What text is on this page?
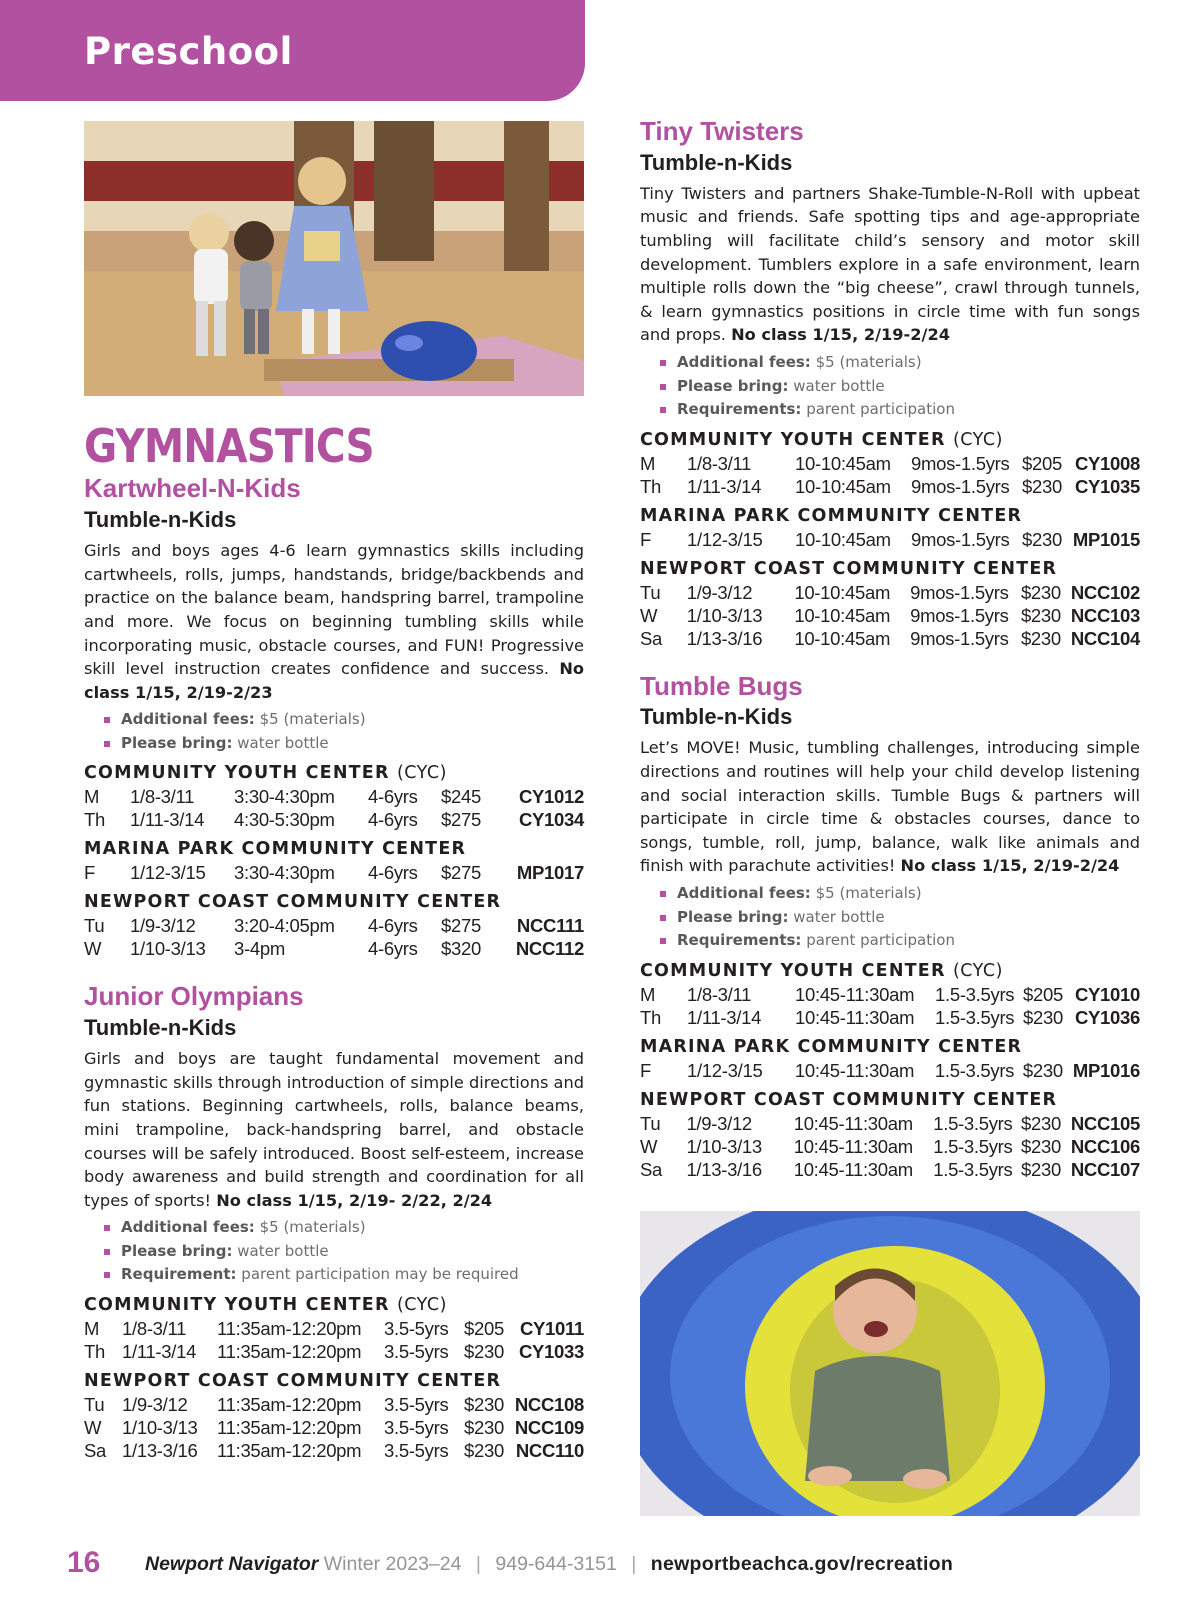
Preschool
GYMNASTICS
Kartwheel-N-Kids
Tumble-n-Kids

Girls and boys ages 4-6 learn gymnastics skills including cartwheels, rolls, jumps, handstands, bridge/backbends and practice on the balance beam, handspring barrel, trampoline and more. We focus on beginning tumbling skills while incorporating music, obstacle courses, and FUN! Progressive skill level instruction creates confidence and success. No class 1/15, 2/19-2/23

Additional fees: $5 (materials)
Please bring: water bottle
COMMUNITY YOUTH CENTER (CYC)
M	1/8-3/11	3:30-4:30pm	4-6yrs	$245	CY1012
Th	1/11-3/14	4:30-5:30pm	4-6yrs	$275	CY1034
MARINA PARK COMMUNITY CENTER
F	1/12-3/15	3:30-4:30pm	4-6yrs	$275	MP1017
NEWPORT COAST COMMUNITY CENTER
Tu	1/9-3/12	3:20-4:05pm	4-6yrs	$275	NCC111
W	1/10-3/13	3-4pm	4-6yrs	$320	NCC112
Junior Olympians
Tumble-n-Kids

Girls and boys are taught fundamental movement and gymnastic skills through introduction of simple directions and fun stations. Beginning cartwheels, rolls, balance beams, mini trampoline, back-handspring barrel, and obstacle courses will be safely introduced. Boost self-esteem, increase body awareness and build strength and coordination for all types of sports! No class 1/15, 2/19- 2/22, 2/24

Additional fees: $5 (materials)
Please bring: water bottle
Requirement: parent participation may be required
COMMUNITY YOUTH CENTER (CYC)
M	1/8-3/11	11:35am-12:20pm	3.5-5yrs	$205	CY1011
Th	1/11-3/14	11:35am-12:20pm	3.5-5yrs	$230	CY1033
NEWPORT COAST COMMUNITY CENTER
Tu	1/9-3/12	11:35am-12:20pm	3.5-5yrs	$230	NCC108
W	1/10-3/13	11:35am-12:20pm	3.5-5yrs	$230	NCC109
Sa	1/13-3/16	11:35am-12:20pm	3.5-5yrs	$230	NCC110
Tiny Twisters
Tumble-n-Kids

Tiny Twisters and partners Shake-Tumble-N-Roll with upbeat music and friends. Safe spotting tips and age-appropriate tumbling will facilitate child’s sensory and motor skill development. Tumblers explore in a safe environment, learn multiple rolls down the “big cheese”, crawl through tunnels, & learn gymnastics positions in circle time with fun songs and props. No class 1/15, 2/19-2/24

Additional fees: $5 (materials)
Please bring: water bottle
Requirements: parent participation
COMMUNITY YOUTH CENTER (CYC)
M	1/8-3/11	10-10:45am	9mos-1.5yrs	$205	CY1008
Th	1/11-3/14	10-10:45am	9mos-1.5yrs	$230	CY1035
MARINA PARK COMMUNITY CENTER
F	1/12-3/15	10-10:45am	9mos-1.5yrs	$230	MP1015
NEWPORT COAST COMMUNITY CENTER
Tu	1/9-3/12	10-10:45am	9mos-1.5yrs	$230	NCC102
W	1/10-3/13	10-10:45am	9mos-1.5yrs	$230	NCC103
Sa	1/13-3/16	10-10:45am	9mos-1.5yrs	$230	NCC104
Tumble Bugs
Tumble-n-Kids

Let’s MOVE! Music, tumbling challenges, introducing simple directions and routines will help your child develop listening and social interaction skills. Tumble Bugs & partners will participate in circle time & obstacles courses, dance to songs, tumble, roll, jump, balance, walk like animals and finish with parachute activities! No class 1/15, 2/19-2/24

Additional fees: $5 (materials)
Please bring: water bottle
Requirements: parent participation
COMMUNITY YOUTH CENTER (CYC)
M	1/8-3/11	10:45-11:30am	1.5-3.5yrs	$205	CY1010
Th	1/11-3/14	10:45-11:30am	1.5-3.5yrs	$230	CY1036
MARINA PARK COMMUNITY CENTER
F	1/12-3/15	10:45-11:30am	1.5-3.5yrs	$230	MP1016
NEWPORT COAST COMMUNITY CENTER
Tu	1/9-3/12	10:45-11:30am	1.5-3.5yrs	$230	NCC105
W	1/10-3/13	10:45-11:30am	1.5-3.5yrs	$230	NCC106
Sa	1/13-3/16	10:45-11:30am	1.5-3.5yrs	$230	NCC107
16 Newport Navigator Winter 2023–24 | 949-644-3151 | newportbeachca.gov/recreation
